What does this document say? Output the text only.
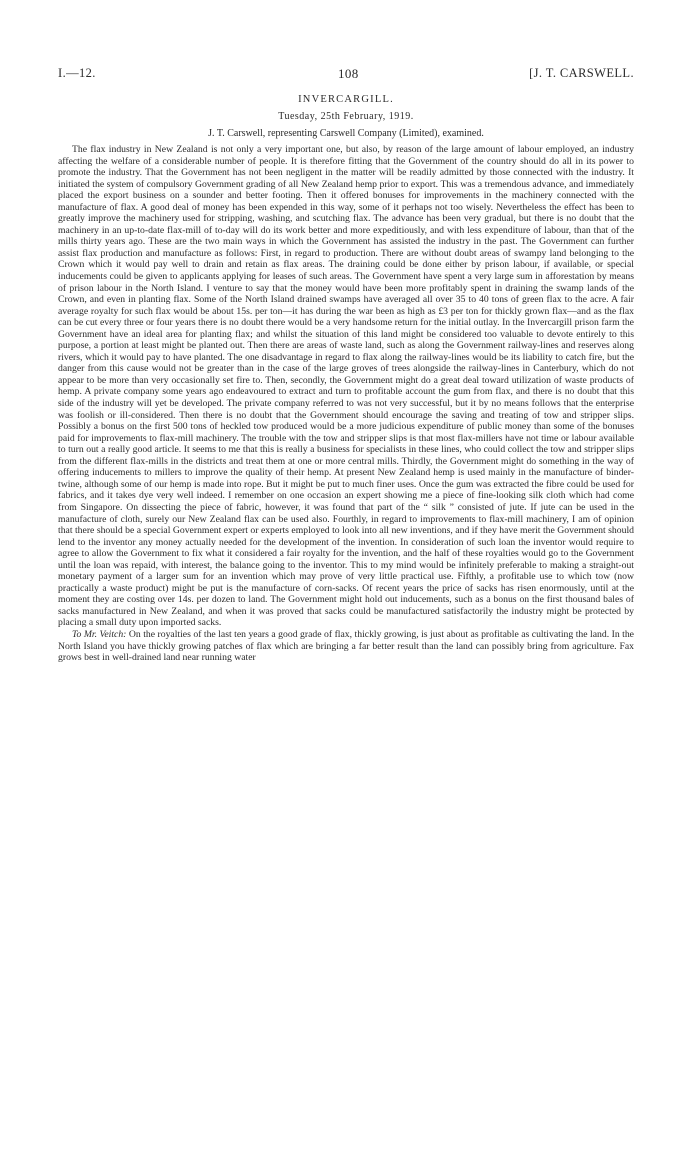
I.—12.	108	[J. T. CARSWELL.
INVERCARGILL.
Tuesday, 25th February, 1919.
J. T. Carswell, representing Carswell Company (Limited), examined.

The flax industry in New Zealand is not only a very important one, but also, by reason of the large amount of labour employed, an industry affecting the welfare of a considerable number of people. It is therefore fitting that the Government of the country should do all in its power to promote the industry. That the Government has not been negligent in the matter will be readily admitted by those connected with the industry. It initiated the system of compulsory Government grading of all New Zealand hemp prior to export. This was a tremendous advance, and immediately placed the export business on a sounder and better footing. Then it offered bonuses for improvements in the machinery connected with the manufacture of flax. A good deal of money has been expended in this way, some of it perhaps not too wisely. Nevertheless the effect has been to greatly improve the machinery used for stripping, washing, and scutching flax. The advance has been very gradual, but there is no doubt that the machinery in an up-to-date flax-mill of to-day will do its work better and more expeditiously, and with less expenditure of labour, than that of the mills thirty years ago. These are the two main ways in which the Government has assisted the industry in the past. The Government can further assist flax production and manufacture as follows: First, in regard to production. There are without doubt areas of swampy land belonging to the Crown which it would pay well to drain and retain as flax areas. The draining could be done either by prison labour, if available, or special inducements could be given to applicants applying for leases of such areas. The Government have spent a very large sum in afforestation by means of prison labour in the North Island. I venture to say that the money would have been more profitably spent in draining the swamp lands of the Crown, and even in planting flax. Some of the North Island drained swamps have averaged all over 35 to 40 tons of green flax to the acre. A fair average royalty for such flax would be about 15s. per ton—it has during the war been as high as £3 per ton for thickly grown flax—and as the flax can be cut every three or four years there is no doubt there would be a very handsome return for the initial outlay. In the Invercargill prison farm the Government have an ideal area for planting flax; and whilst the situation of this land might be considered too valuable to devote entirely to this purpose, a portion at least might be planted out. Then there are areas of waste land, such as along the Government railway-lines and reserves along rivers, which it would pay to have planted. The one disadvantage in regard to flax along the railway-lines would be its liability to catch fire, but the danger from this cause would not be greater than in the case of the large groves of trees alongside the railway-lines in Canterbury, which do not appear to be more than very occasionally set fire to. Then, secondly, the Government might do a great deal toward utilization of waste products of hemp. A private company some years ago endeavoured to extract and turn to profitable account the gum from flax, and there is no doubt that this side of the industry will yet be developed. The private company referred to was not very successful, but it by no means follows that the enterprise was foolish or ill-considered. Then there is no doubt that the Government should encourage the saving and treating of tow and stripper slips. Possibly a bonus on the first 500 tons of heckled tow produced would be a more judicious expenditure of public money than some of the bonuses paid for improvements to flax-mill machinery. The trouble with the tow and stripper slips is that most flax-millers have not time or labour available to turn out a really good article. It seems to me that this is really a business for specialists in these lines, who could collect the tow and stripper slips from the different flax-mills in the districts and treat them at one or more central mills. Thirdly, the Government might do something in the way of offering inducements to millers to improve the quality of their hemp. At present New Zealand hemp is used mainly in the manufacture of binder-twine, although some of our hemp is made into rope. But it might be put to much finer uses. Once the gum was extracted the fibre could be used for fabrics, and it takes dye very well indeed. I remember on one occasion an expert showing me a piece of fine-looking silk cloth which had come from Singapore. On dissecting the piece of fabric, however, it was found that part of the “ silk ” consisted of jute. If jute can be used in the manufacture of cloth, surely our New Zealand flax can be used also. Fourthly, in regard to improvements to flax-mill machinery, I am of opinion that there should be a special Government expert or experts employed to look into all new inventions, and if they have merit the Government should lend to the inventor any money actually needed for the development of the invention. In consideration of such loan the inventor would require to agree to allow the Government to fix what it considered a fair royalty for the invention, and the half of these royalties would go to the Government until the loan was repaid, with interest, the balance going to the inventor. This to my mind would be infinitely preferable to making a straight-out monetary payment of a larger sum for an invention which may prove of very little practical use. Fifthly, a profitable use to which tow (now practically a waste product) might be put is the manufacture of corn-sacks. Of recent years the price of sacks has risen enormously, until at the moment they are costing over 14s. per dozen to land. The Government might hold out inducements, such as a bonus on the first thousand bales of sacks manufactured in New Zealand, and when it was proved that sacks could be manufactured satisfactorily the industry might be protected by placing a small duty upon imported sacks.

To Mr. Veitch: On the royalties of the last ten years a good grade of flax, thickly growing, is just about as profitable as cultivating the land. In the North Island you have thickly growing patches of flax which are bringing a far better result than the land can possibly bring from agriculture. Fax grows best in well-drained land near running water
